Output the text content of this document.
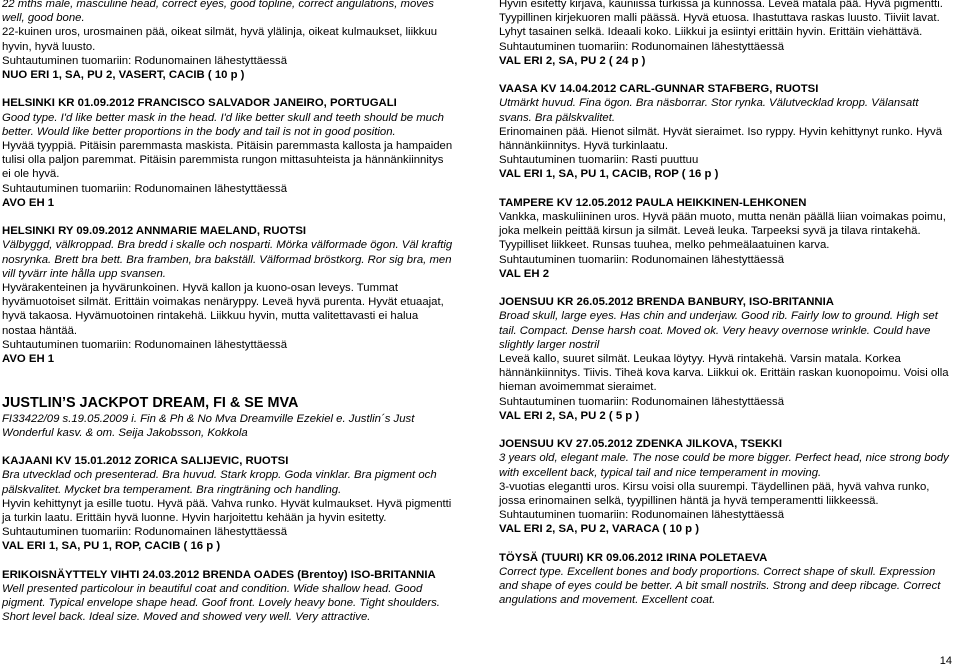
22 mths male, masculine head, correct eyes, good topline, correct angulations, moves well, good bone.

22-kuinen uros, urosmainen pää, oikeat silmät, hyvä ylälinja, oikeat kulmaukset, liikkuu hyvin, hyvä luusto.

Suhtautuminen tuomariin: Rodunomainen lähestyttäessä

NUO ERI 1, SA, PU 2, VASERT, CACIB ( 10 p )

HELSINKI KR 01.09.2012 FRANCISCO SALVADOR JANEIRO, PORTUGALI

Good type. I'd like better mask in the head. I'd like better skull and teeth should be much better. Would like better proportions in the body and tail is not in good position.

Hyvää tyyppiä. Pitäisin paremmasta maskista. Pitäisin paremmasta kallosta ja hampaiden tulisi olla paljon paremmat. Pitäisin paremmista rungon mittasuhteista ja hännänkiinnitys ei ole hyvä.

Suhtautuminen tuomariin: Rodunomainen lähestyttäessä

AVO EH 1

HELSINKI RY 09.09.2012 ANNMARIE MAELAND, RUOTSI

Välbyggd, välkroppad. Bra bredd i skalle och nosparti. Mörka välformade ögon. Väl kraftig nosrynka. Brett bra bett. Bra framben, bra bakställ. Välformad bröstkorg. Ror sig bra, men vill tyvärr inte hålla upp svansen.

Hyvärakenteinen ja hyvärunkoinen. Hyvä kallon ja kuono-osan leveys. Tummat hyvämuotoiset silmät. Erittäin voimakas nenäryppy. Leveä hyvä purenta. Hyvät etuaajat, hyvä takaosa. Hyvämuotoinen rintakehä. Liikkuu hyvin, mutta valitettavasti ei halua nostaa häntää.

Suhtautuminen tuomariin: Rodunomainen lähestyttäessä

AVO EH 1

JUSTLIN’S JACKPOT DREAM, FI & SE MVA

FI33422/09 s.19.05.2009 i. Fin & Ph & No Mva Dreamville Ezekiel e. Justlin´s Just Wonderful kasv. & om. Seija Jakobsson, Kokkola

KAJAANI KV 15.01.2012 ZORICA SALIJEVIC, RUOTSI

Bra utvecklad och presenterad. Bra huvud. Stark kropp. Goda vinklar. Bra pigment och pälskvalitet. Mycket bra temperament. Bra ringträning och handling.

Hyvin kehittynyt ja esille tuotu. Hyvä pää. Vahva runko. Hyvät kulmaukset. Hyvä pigmentti ja turkin laatu. Erittäin hyvä luonne. Hyvin harjoitettu kehään ja hyvin esitetty.

Suhtautuminen tuomariin: Rodunomainen lähestyttäessä

VAL ERI 1, SA, PU 1, ROP, CACIB ( 16 p )

ERIKOISNÄYTTELY VIHTI 24.03.2012 BRENDA OADES (Brentoy) ISO-BRITANNIA

Well presented particolour in beautiful coat and condition. Wide shallow head. Good pigment. Typical envelope shape head. Goof front. Lovely heavy bone. Tight shoulders. Short level back. Ideal size. Moved and showed very well. Very attractive.

Hyvin esitetty kirjava, kauniissa turkissa ja kunnossa. Leveä matala pää. Hyvä pigmentti. Tyypillinen kirjekuoren malli päässä. Hyvä etuosa. Ihastuttava raskas luusto. Tiiviit lavat. Lyhyt tasainen selkä. Ideaali koko. Liikkui ja esiintyi erittäin hyvin. Erittäin viehättävä.

Suhtautuminen tuomariin: Rodunomainen lähestyttäessä

VAL ERI 2, SA, PU 2 ( 24 p )

VAASA KV 14.04.2012 CARL-GUNNAR STAFBERG, RUOTSI

Utmärkt huvud. Fina ögon. Bra näsborrar. Stor rynka. Välutvecklad kropp. Välansatt svans. Bra pälskvalitet.

Erinomainen pää. Hienot silmät. Hyvät sieraimet. Iso ryppy. Hyvin kehittynyt runko. Hyvä hännänkiinnitys. Hyvä turkinlaatu.

Suhtautuminen tuomariin: Rasti puuttuu

VAL ERI 1, SA, PU 1, CACIB, ROP ( 16 p )

TAMPERE KV 12.05.2012 PAULA HEIKKINEN-LEHKONEN

Vankka, maskuliininen uros. Hyvä pään muoto, mutta nenän päällä liian voimakas poimu, joka melkein peittää kirsun ja silmät. Leveä leuka. Tarpeeksi syvä ja tilava rintakehä. Tyypilliset liikkeet. Runsas tuuhea, melko pehmeälaatuinen karva.

Suhtautuminen tuomariin: Rodunomainen lähestyttäessä

VAL EH 2

JOENSUU KR 26.05.2012 BRENDA BANBURY, ISO-BRITANNIA

Broad skull, large eyes. Has chin and underjaw. Good rib. Fairly low to ground. High set tail. Compact. Dense harsh coat. Moved ok. Very heavy overnose wrinkle. Could have slightly larger nostril

Leveä kallo, suuret silmät. Leukaa löytyy. Hyvä rintakehä. Varsin matala. Korkea hännänkiinnitys. Tiivis. Tiheä kova karva. Liikkui ok. Erittäin raskan kuonopoimu. Voisi olla hieman avoimemmat sieraimet.

Suhtautuminen tuomariin: Rodunomainen lähestyttäessä

VAL ERI 2, SA, PU 2 ( 5 p )

JOENSUU KV 27.05.2012 ZDENKA JILKOVA, TSEKKI

3 years old, elegant male. The nose could be more bigger. Perfect head, nice strong body with excellent back, typical tail and nice temperament in moving.

3-vuotias elegantti uros. Kirsu voisi olla suurempi. Täydellinen pää, hyvä vahva runko, jossa erinomainen selkä, tyypillinen häntä ja hyvä temperamentti liikkeessä.

Suhtautuminen tuomariin: Rodunomainen lähestyttäessä

VAL ERI 2, SA, PU 2, VARACA ( 10 p )

TÖYSÄ (TUURI) KR 09.06.2012 IRINA POLETAEVA

Correct type. Excellent bones and body proportions. Correct shape of skull. Expression and shape of eyes could be better. A bit small nostrils. Strong and deep ribcage. Correct angulations and movement. Excellent coat.

14
